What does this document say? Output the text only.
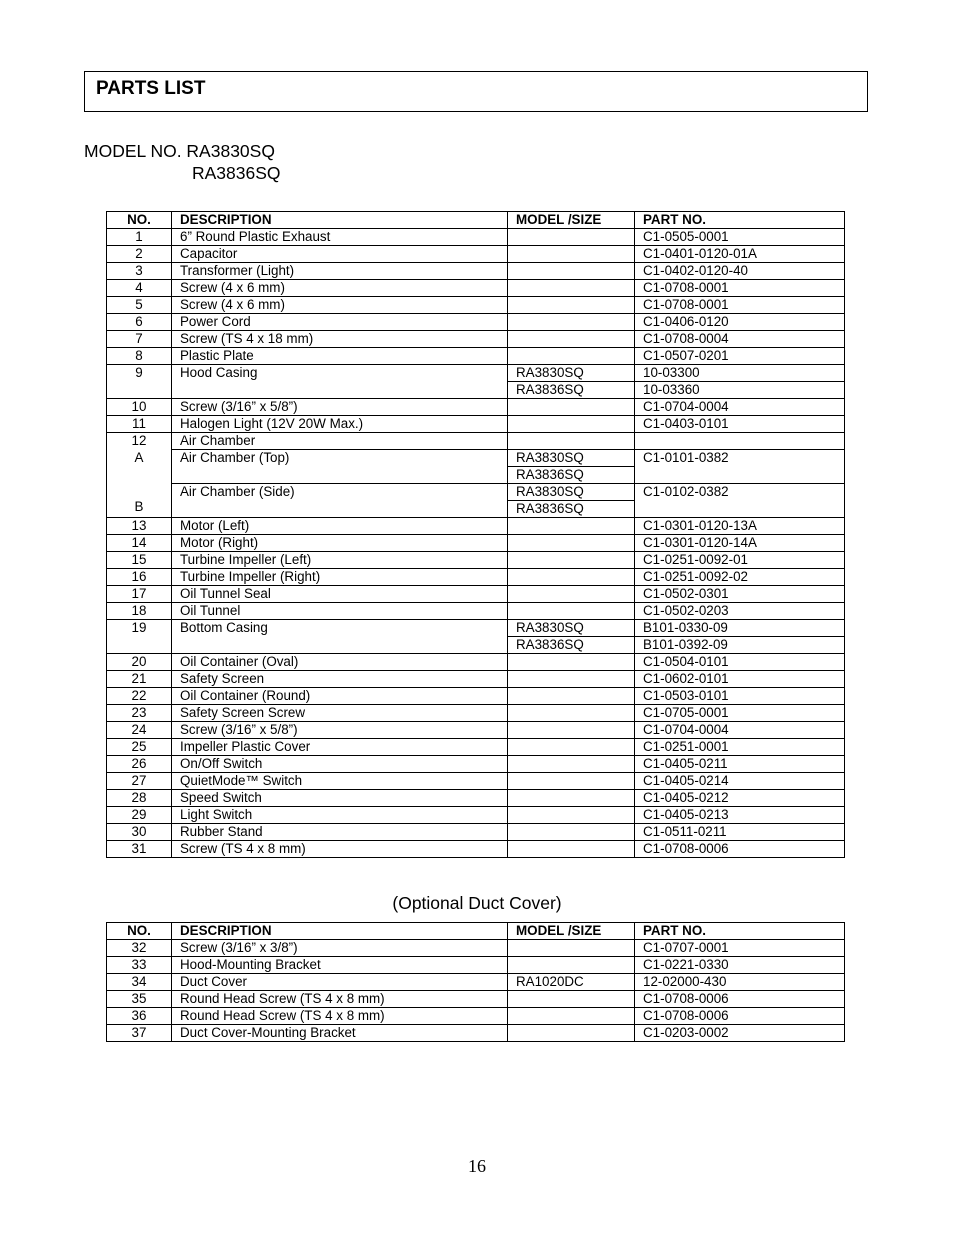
PARTS LIST
MODEL NO. RA3830SQ
RA3836SQ
NO.	DESCRIPTION	MODEL /SIZE	PART NO.
1	6” Round Plastic Exhaust		C1-0505-0001
2	Capacitor		C1-0401-0120-01A
3	Transformer (Light)		C1-0402-0120-40
4	Screw (4 x 6 mm)		C1-0708-0001
5	Screw (4 x 6 mm)		C1-0708-0001
6	Power Cord		C1-0406-0120
7	Screw (TS 4 x 18 mm)		C1-0708-0004
8	Plastic Plate		C1-0507-0201
9	Hood Casing	RA3830SQ	10-03300
		RA3836SQ	10-03360
10	Screw (3/16” x 5/8”)		C1-0704-0004
11	Halogen Light (12V 20W Max.)		C1-0403-0101
12	Air Chamber		
A	Air Chamber (Top)	RA3830SQ	C1-0101-0382
		RA3836SQ	
B	Air Chamber (Side)	RA3830SQ	C1-0102-0382
		RA3836SQ	
13	Motor (Left)		C1-0301-0120-13A
14	Motor (Right)		C1-0301-0120-14A
15	Turbine Impeller (Left)		C1-0251-0092-01
16	Turbine Impeller (Right)		C1-0251-0092-02
17	Oil Tunnel Seal		C1-0502-0301
18	Oil Tunnel		C1-0502-0203
19	Bottom Casing	RA3830SQ	B101-0330-09
		RA3836SQ	B101-0392-09
20	Oil Container (Oval)		C1-0504-0101
21	Safety Screen		C1-0602-0101
22	Oil Container (Round)		C1-0503-0101
23	Safety Screen Screw		C1-0705-0001
24	Screw (3/16” x 5/8”)		C1-0704-0004
25	Impeller Plastic Cover		C1-0251-0001
26	On/Off Switch		C1-0405-0211
27	QuietMode™ Switch		C1-0405-0214
28	Speed Switch		C1-0405-0212
29	Light Switch		C1-0405-0213
30	Rubber Stand		C1-0511-0211
31	Screw (TS 4 x 8 mm)		C1-0708-0006
(Optional Duct Cover)
NO.	DESCRIPTION	MODEL /SIZE	PART NO.
32	Screw (3/16” x 3/8”)		C1-0707-0001
33	Hood-Mounting Bracket		C1-0221-0330
34	Duct Cover	RA1020DC	12-02000-430
35	Round Head Screw (TS 4 x 8 mm)		C1-0708-0006
36	Round Head Screw (TS 4 x 8 mm)		C1-0708-0006
37	Duct Cover-Mounting Bracket		C1-0203-0002
16
